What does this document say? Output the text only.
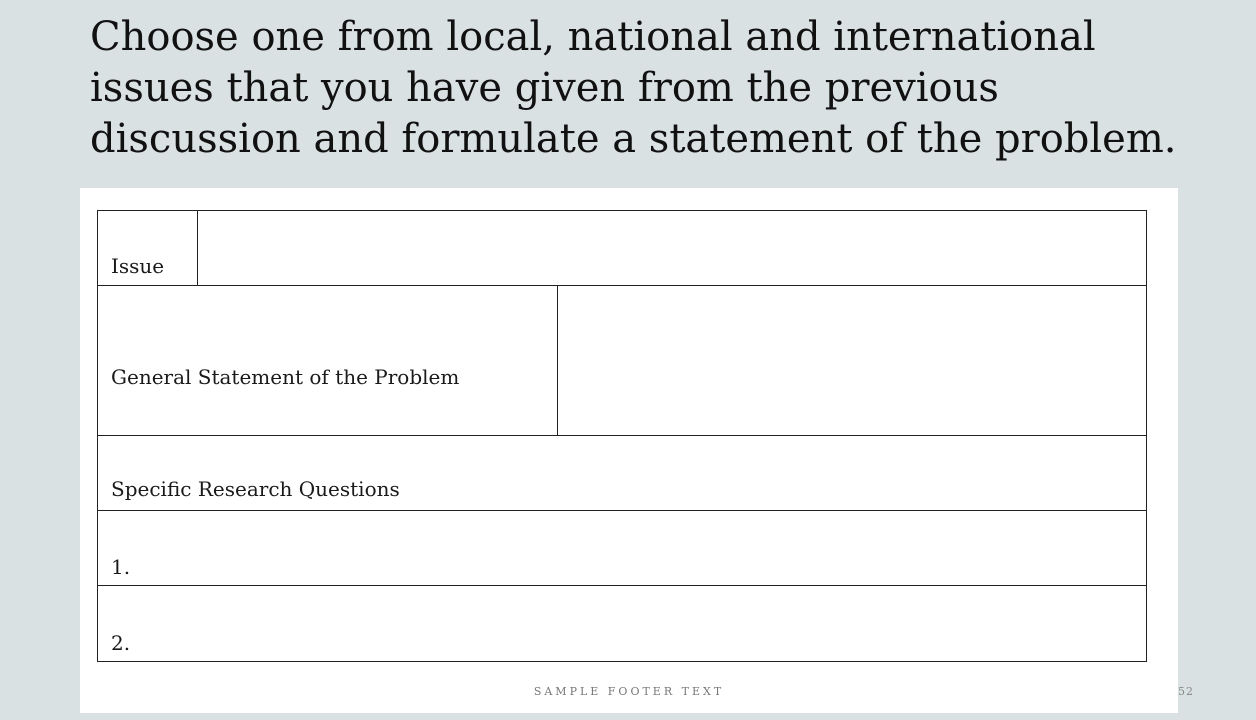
Choose one from local, national and international issues that you have given from the previous discussion and formulate a statement of the problem.
Issue
General Statement of the Problem
Specific Research Questions
1.
2.
SAMPLE FOOTER TEXT	52
